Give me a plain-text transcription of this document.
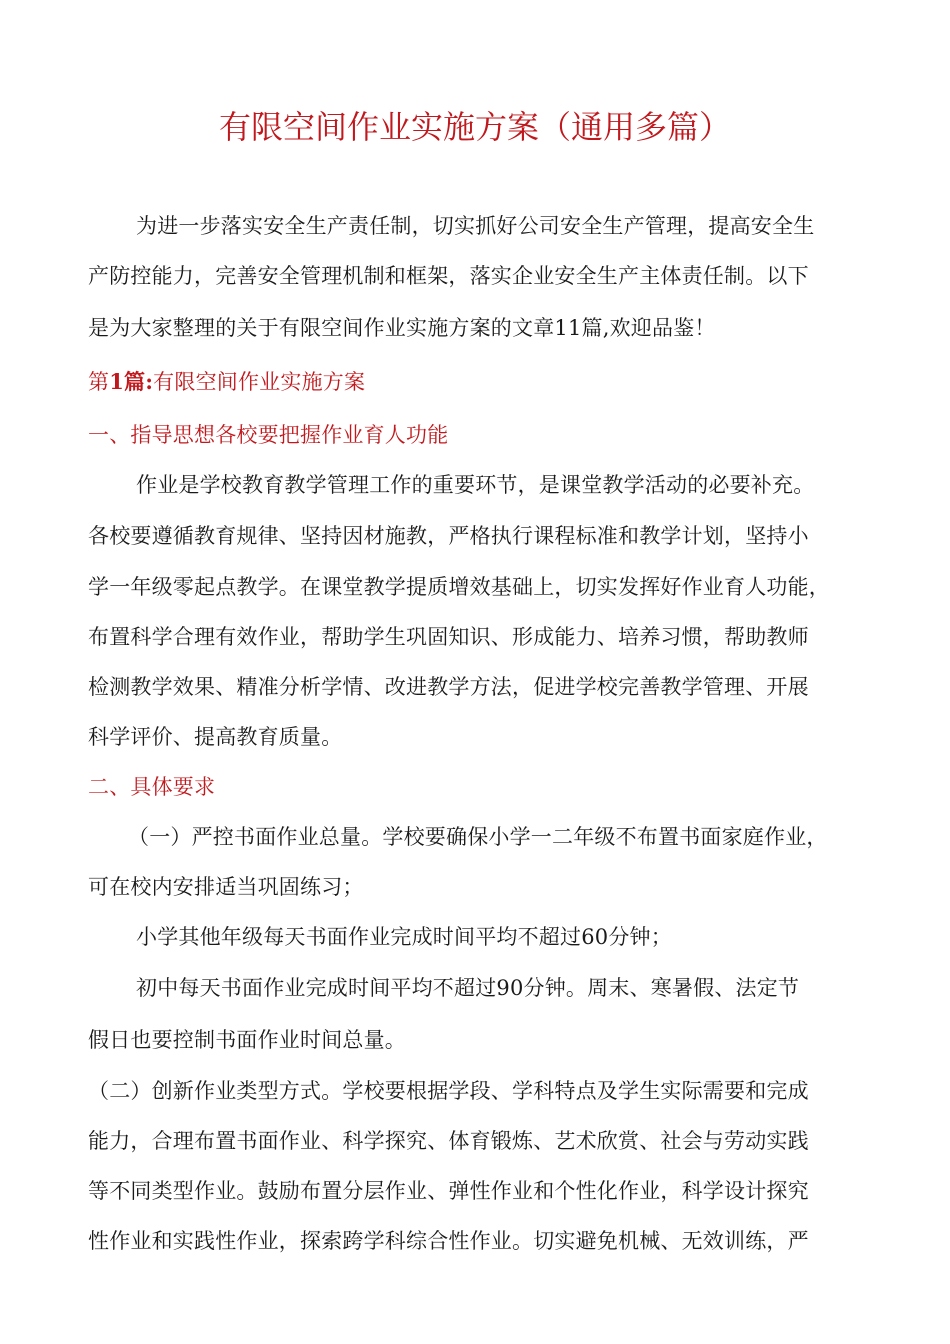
有限空间作业实施方案（通用多篇）
为进一步落实安全生产责任制，切实抓好公司安全生产管理，提高安全生
产防控能力，完善安全管理机制和框架，落实企业安全生产主体责任制。以下
是为大家整理的关于有限空间作业实施方案的文章11篇,欢迎品鉴！
第1篇:有限空间作业实施方案
一、指导思想各校要把握作业育人功能
作业是学校教育教学管理工作的重要环节，是课堂教学活动的必要补充。
各校要遵循教育规律、坚持因材施教，严格执行课程标准和教学计划，坚持小
学一年级零起点教学。在课堂教学提质增效基础上，切实发挥好作业育人功能，
布置科学合理有效作业，帮助学生巩固知识、形成能力、培养习惯，帮助教师
检测教学效果、精准分析学情、改进教学方法，促进学校完善教学管理、开展
科学评价、提高教育质量。
二、具体要求
（一）严控书面作业总量。学校要确保小学一二年级不布置书面家庭作业，
可在校内安排适当巩固练习；
小学其他年级每天书面作业完成时间平均不超过60分钟；
初中每天书面作业完成时间平均不超过90分钟。周末、寒暑假、法定节
假日也要控制书面作业时间总量。
（二）创新作业类型方式。学校要根据学段、学科特点及学生实际需要和完成
能力，合理布置书面作业、科学探究、体育锻炼、艺术欣赏、社会与劳动实践
等不同类型作业。鼓励布置分层作业、弹性作业和个性化作业，科学设计探究
性作业和实践性作业，探索跨学科综合性作业。切实避免机械、无效训练，严
